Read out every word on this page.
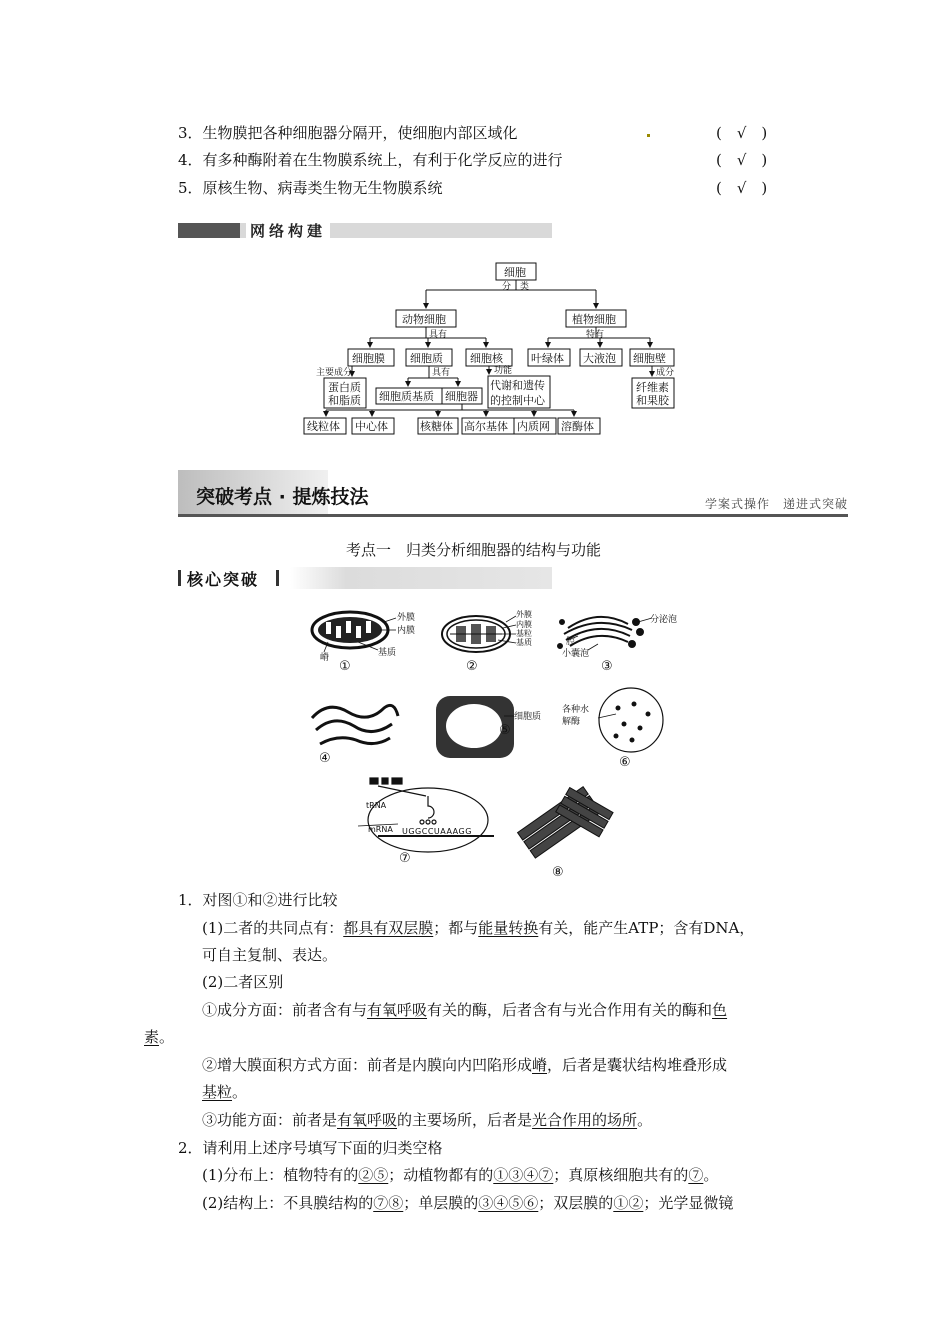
3．生物膜把各种细胞器分隔开，使细胞内部区域化	(　√　)
4．有多种酶附着在生物膜系统上，有利于化学反应的进行	(　√　)
5．原核生物、病毒类生物无生物膜系统	(　√　)
网络构建
细胞
分　类
动物细胞	植物细胞
具有	特有
细胞膜 细胞质 细胞核	叶绿体 大液泡 细胞壁
主要成分	具有	功能	成分
蛋白质
和脂质 细胞质基质 细胞器
代谢和遗传
的控制中心
纤维素
和果胶
线粒体 中心体	核糖体 高尔基体 内质网 溶酶体
突破考点 · 提炼技法	学案式操作　递进式突破
考点一　归类分析细胞器的结构与功能
核心突破
外膜
内膜
嵴	基质
①
外膜
内膜
基粒
基质
②
分泌泡
腔
小囊泡
③
④
细胞质
⑤
各种水
解酶
⑥
tRNA
mRNA UGGCCUAAAGG
⑦
⑧
1．对图①和②进行比较
(1)二者的共同点有：都具有双层膜；都与能量转换有关，能产生ATP；含有DNA，
可自主复制、表达。
(2)二者区别
①成分方面：前者含有与有氧呼吸有关的酶，后者含有与光合作用有关的酶和色
素。
②增大膜面积方式方面：前者是内膜向内凹陷形成嵴，后者是囊状结构堆叠形成
基粒。
③功能方面：前者是有氧呼吸的主要场所，后者是光合作用的场所。
2．请利用上述序号填写下面的归类空格
(1)分布上：植物特有的②⑤；动植物都有的①③④⑦；真原核细胞共有的⑦。
(2)结构上：不具膜结构的⑦⑧；单层膜的③④⑤⑥；双层膜的①②；光学显微镜
